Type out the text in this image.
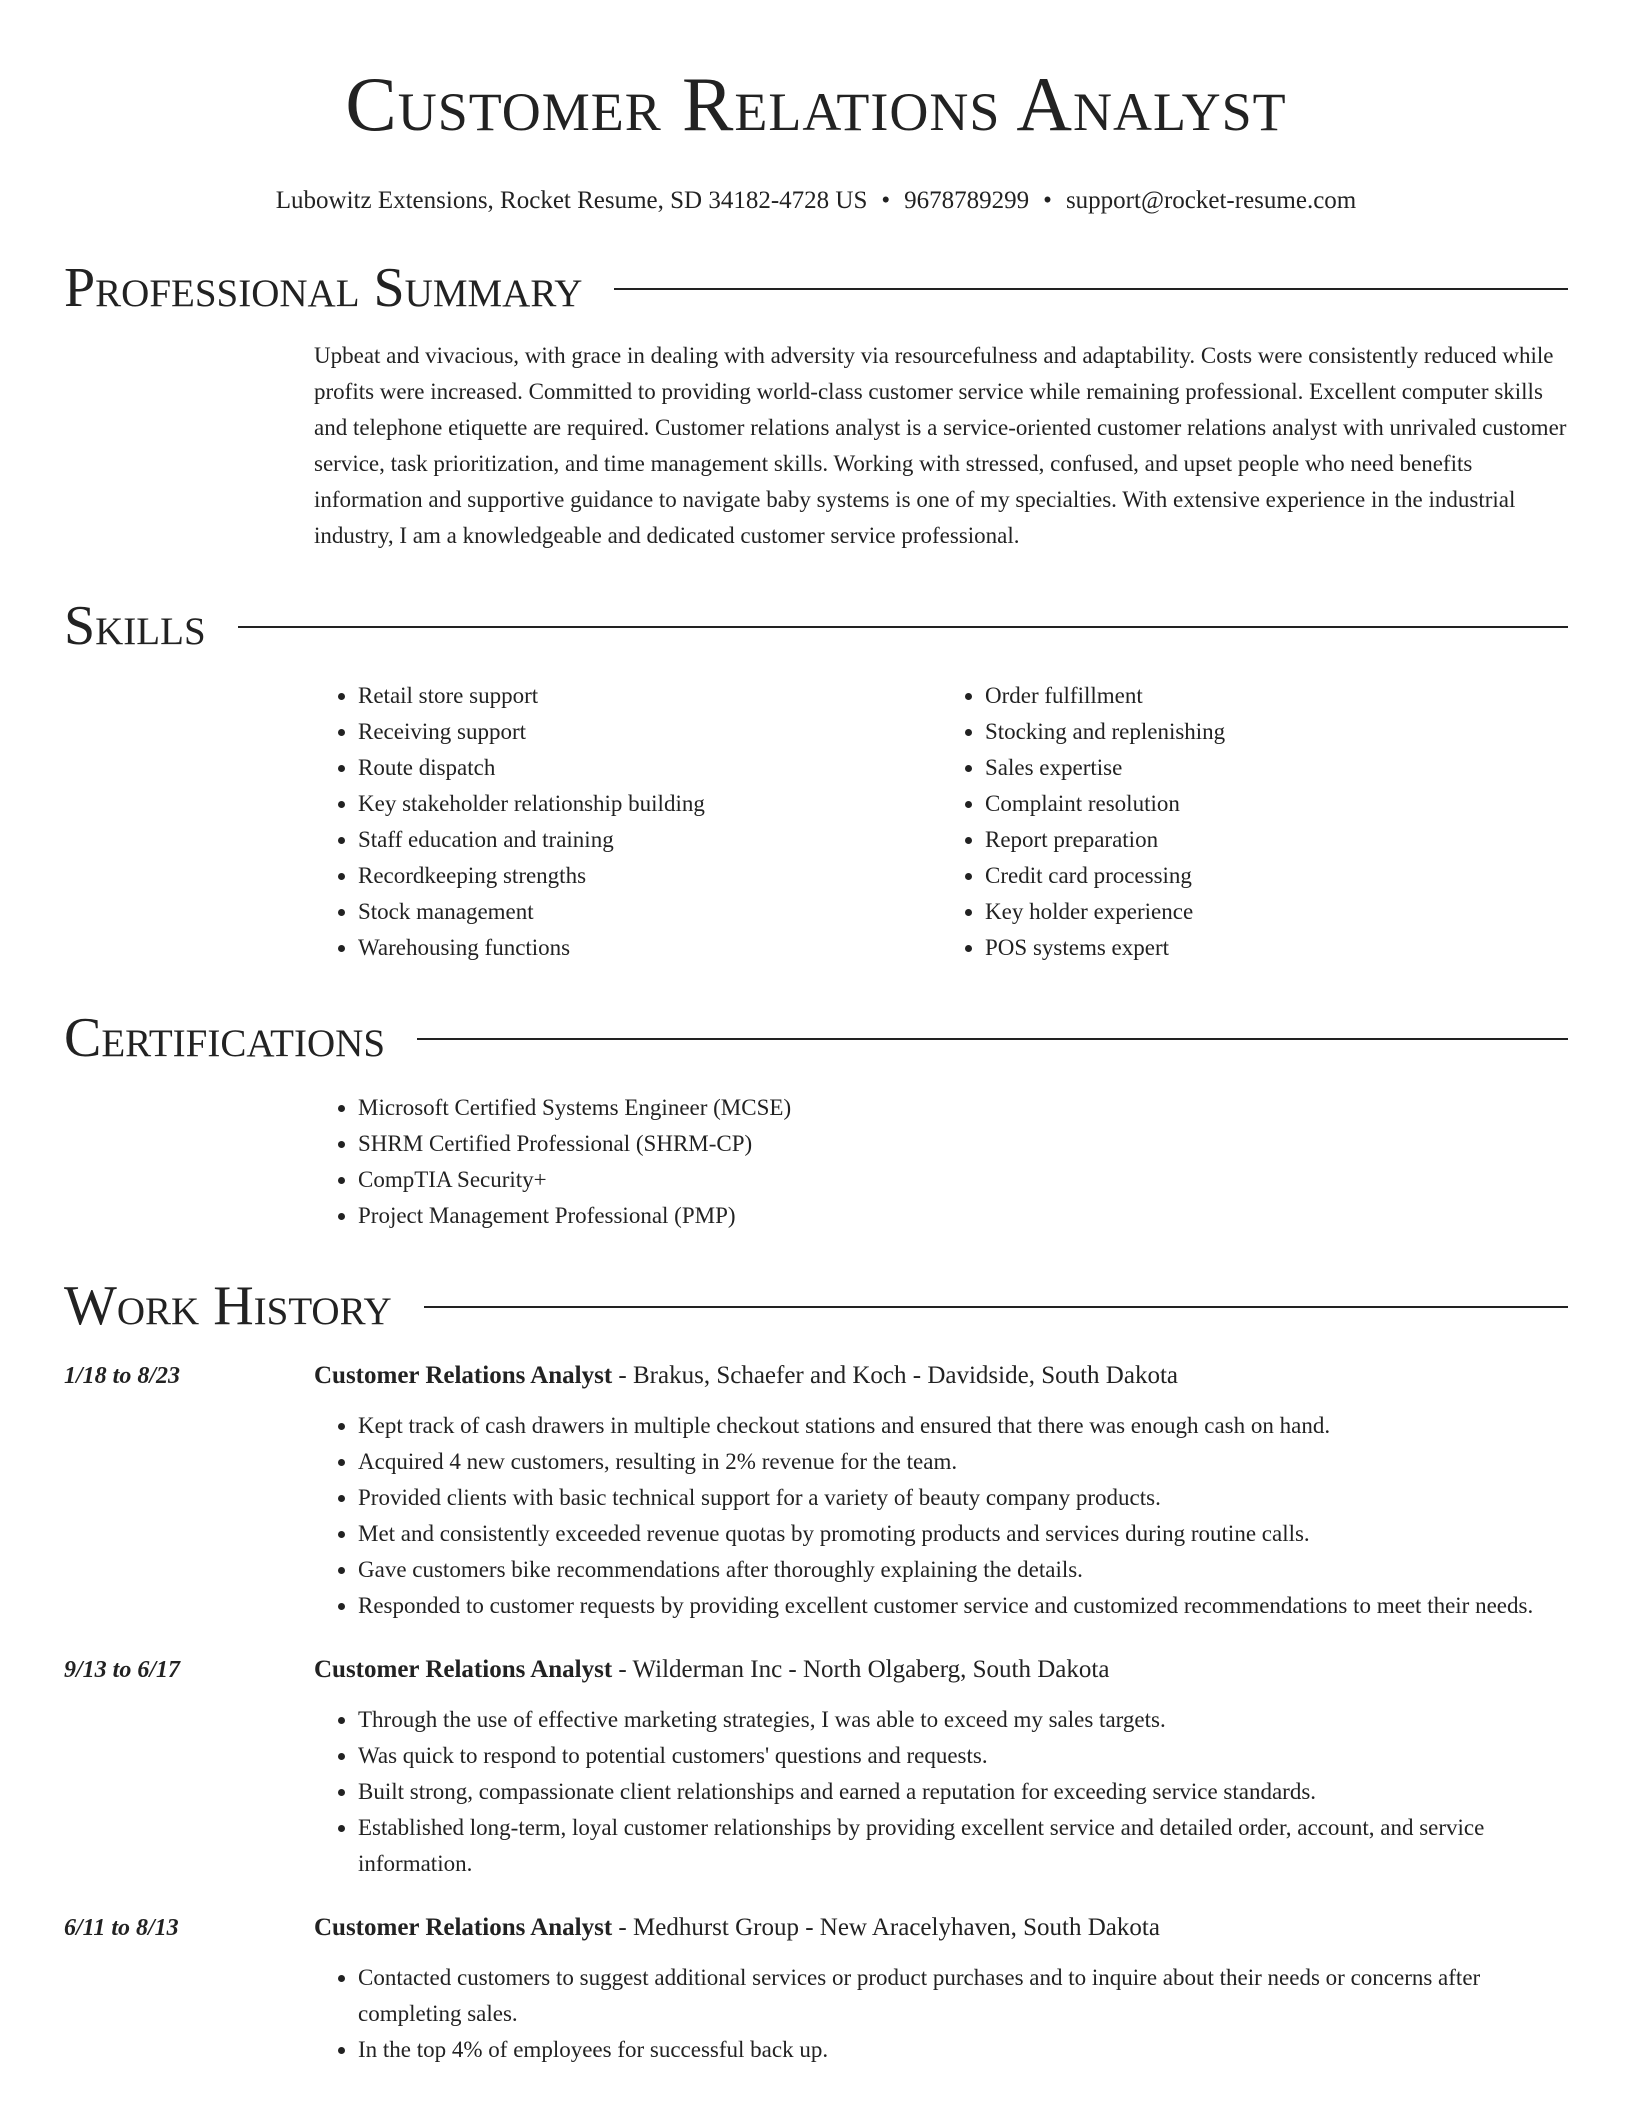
Customer Relations Analyst
Lubowitz Extensions, Rocket Resume, SD 34182-4728 US • 9678789299 • support@rocket-resume.com
Professional Summary
Upbeat and vivacious, with grace in dealing with adversity via resourcefulness and adaptability. Costs were consistently reduced while profits were increased. Committed to providing world-class customer service while remaining professional. Excellent computer skills and telephone etiquette are required. Customer relations analyst is a service-oriented customer relations analyst with unrivaled customer service, task prioritization, and time management skills. Working with stressed, confused, and upset people who need benefits information and supportive guidance to navigate baby systems is one of my specialties. With extensive experience in the industrial industry, I am a knowledgeable and dedicated customer service professional.
Skills
• Retail store support
• Receiving support
• Route dispatch
• Key stakeholder relationship building
• Staff education and training
• Recordkeeping strengths
• Stock management
• Warehousing functions
• Order fulfillment
• Stocking and replenishing
• Sales expertise
• Complaint resolution
• Report preparation
• Credit card processing
• Key holder experience
• POS systems expert
Certifications
• Microsoft Certified Systems Engineer (MCSE)
• SHRM Certified Professional (SHRM-CP)
• CompTIA Security+
• Project Management Professional (PMP)
Work History
1/18 to 8/23	Customer Relations Analyst - Brakus, Schaefer and Koch - Davidside, South Dakota
• Kept track of cash drawers in multiple checkout stations and ensured that there was enough cash on hand.
• Acquired 4 new customers, resulting in 2% revenue for the team.
• Provided clients with basic technical support for a variety of beauty company products.
• Met and consistently exceeded revenue quotas by promoting products and services during routine calls.
• Gave customers bike recommendations after thoroughly explaining the details.
• Responded to customer requests by providing excellent customer service and customized recommendations to meet their needs.
9/13 to 6/17	Customer Relations Analyst - Wilderman Inc - North Olgaberg, South Dakota
• Through the use of effective marketing strategies, I was able to exceed my sales targets.
• Was quick to respond to potential customers' questions and requests.
• Built strong, compassionate client relationships and earned a reputation for exceeding service standards.
• Established long-term, loyal customer relationships by providing excellent service and detailed order, account, and service information.
6/11 to 8/13	Customer Relations Analyst - Medhurst Group - New Aracelyhaven, South Dakota
• Contacted customers to suggest additional services or product purchases and to inquire about their needs or concerns after completing sales.
• In the top 4% of employees for successful back up.
